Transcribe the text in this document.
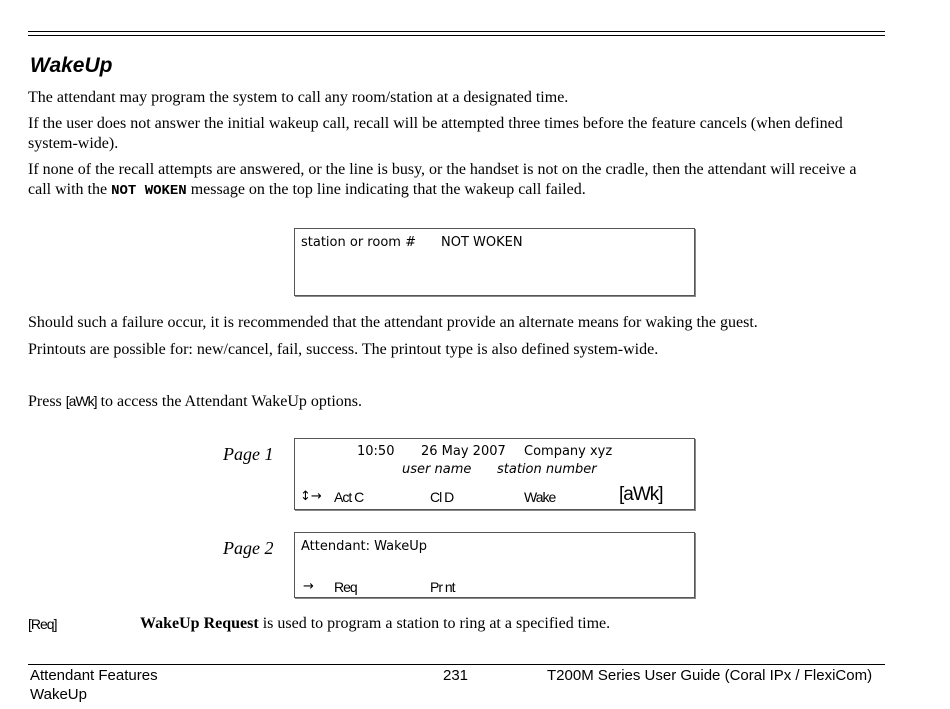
WakeUp

The attendant may program the system to call any room/station at a designated time.

If the user does not answer the initial wakeup call, recall will be attempted three times before the feature cancels (when defined system-wide).

If none of the recall attempts are answered, or the line is busy, or the handset is not on the cradle, then the attendant will receive a call with the NOT WOKEN message on the top line indicating that the wakeup call failed.

station or room # NOT WOKEN

Should such a failure occur, it is recommended that the attendant provide an alternate means for waking the guest.

Printouts are possible for: new/cancel, fail, success. The printout type is also defined system-wide.

Press [aWk] to access the Attendant WakeUp options.

Page 1	10:50 26 May 2007 Company xyz
user name station number
↕→ Act C	Cl D	Wake	[aWk]
Page 2 Attendant: WakeUp
→ Req	Pr nt
[Req]	WakeUp Request is used to program a station to ring at a specified time.
Attendant Features
WakeUp
231	T200M Series User Guide (Coral IPx / FlexiCom)
